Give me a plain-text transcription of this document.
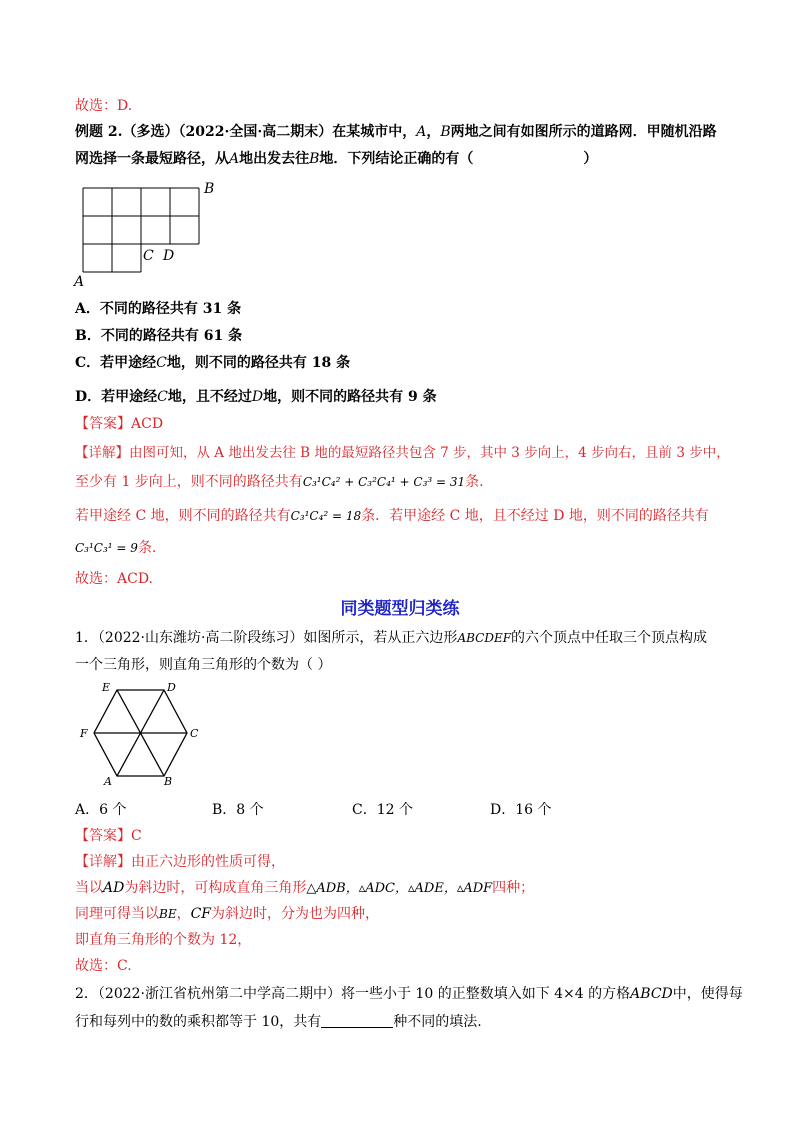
故选：D.
例题 2.（多选）（2022·全国·高二期末）在某城市中，A，B两地之间有如图所示的道路网．甲随机沿路
网选择一条最短路径，从A地出发去往B地．下列结论正确的有（	）
B
C D
A
A．不同的路径共有 31 条
B．不同的路径共有 61 条
C．若甲途经C地，则不同的路径共有 18 条
D．若甲途经C地，且不经过D地，则不同的路径共有 9 条
【答案】ACD
【详解】由图可知，从 A 地出发去往 B 地的最短路径共包含 7 步，其中 3 步向上，4 步向右，且前 3 步中，
至少有 1 步向上，则不同的路径共有C₃¹C₄² + C₃²C₄¹ + C₃³ = 31条.
若甲途经 C 地，则不同的路径共有C₃¹C₄² = 18条．若甲途经 C 地，且不经过 D 地，则不同的路径共有
C₃¹C₃¹ = 9条.
故选：ACD.
同类题型归类练
1．（2022·山东潍坊·高二阶段练习）如图所示，若从正六边形ABCDEF的六个顶点中任取三个顶点构成
一个三角形，则直角三角形的个数为（ ）
E	D
F	C
A	B
A．6 个	B．8 个	C．12 个	D．16 个
【答案】C
【详解】由正六边形的性质可得，
当以AD为斜边时，可构成直角三角形△ADB，▵ADC，▵ADE，▵ADF四种；
同理可得当以BE，CF为斜边时，分为也为四种，
即直角三角形的个数为 12，
故选：C.
2．（2022·浙江省杭州第二中学高二期中）将一些小于 10 的正整数填入如下 4×4 的方格ABCD中，使得每
行和每列中的数的乘积都等于 10，共有	种不同的填法.
